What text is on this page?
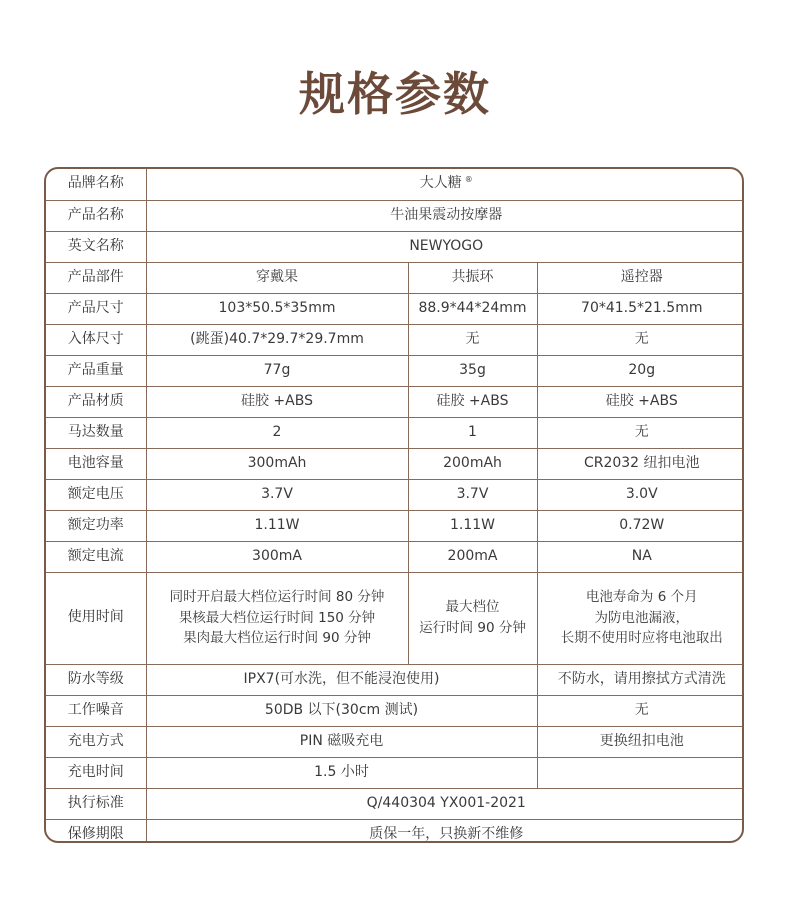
规格参数
品牌名称	大人糖 ®
产品名称	牛油果震动按摩器		
英文名称	NEWYOGO		
产品部件	穿戴果	共振环	遥控器
产品尺寸	103*50.5*35mm	88.9*44*24mm	70*41.5*21.5mm
入体尺寸	(跳蛋)40.7*29.7*29.7mm	无	无
产品重量	77g	35g	20g
产品材质	硅胶 +ABS	硅胶 +ABS	硅胶 +ABS
马达数量	2	1	无
电池容量	300mAh	200mAh	CR2032 纽扣电池
额定电压	3.7V	3.7V	3.0V
额定功率	1.11W	1.11W	0.72W
额定电流	300mA	200mA	NA
使用时间	同时开启最大档位运行时间 80 分钟
果核最大档位运行时间 150 分钟
果肉最大档位运行时间 90 分钟	最大档位
运行时间 90 分钟	电池寿命为 6 个月
为防电池漏液，
长期不使用时应将电池取出

防水等级	IPX7(可水洗，但不能浸泡使用)		不防水，请用擦拭方式清洗
工作噪音	50DB 以下(30cm 测试)		无
充电方式	PIN 磁吸充电		更换纽扣电池
充电时间	1.5 小时		
执行标准	Q/440304 YX001-2021		
保修期限	质保一年，只换新不维修		
